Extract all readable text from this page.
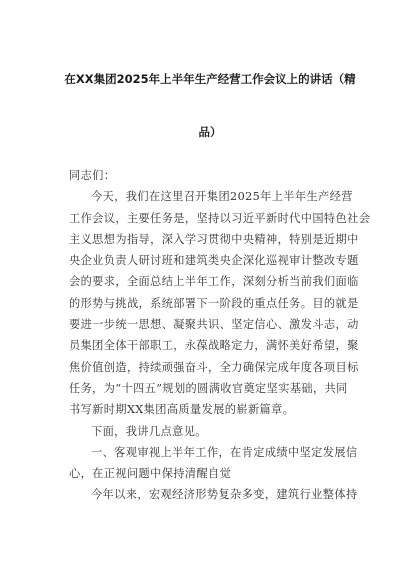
在XX集团2025年上半年生产经营工作会议上的讲话（精
品）
同志们：
今天，我们在这里召开集团2025年上半年生产经营
工作会议，主要任务是，坚持以习近平新时代中国特色社会
主义思想为指导，深入学习贯彻中央精神，特别是近期中
央企业负责人研讨班和建筑类央企深化巡视审计整改专题
会的要求，全面总结上半年工作，深刻分析当前我们面临
的形势与挑战，系统部署下一阶段的重点任务。目的就是
要进一步统一思想、凝聚共识、坚定信心、激发斗志，动
员集团全体干部职工，永葆战略定力，满怀美好希望，聚
焦价值创造，持续顽强奋斗，全力确保完成年度各项目标
任务，为“十四五”规划的圆满收官奠定坚实基础，共同
书写新时期XX集团高质量发展的崭新篇章。
下面，我讲几点意见。
一、客观审视上半年工作，在肯定成绩中坚定发展信
心，在正视问题中保持清醒自觉
今年以来，宏观经济形势复杂多变，建筑行业整体持
